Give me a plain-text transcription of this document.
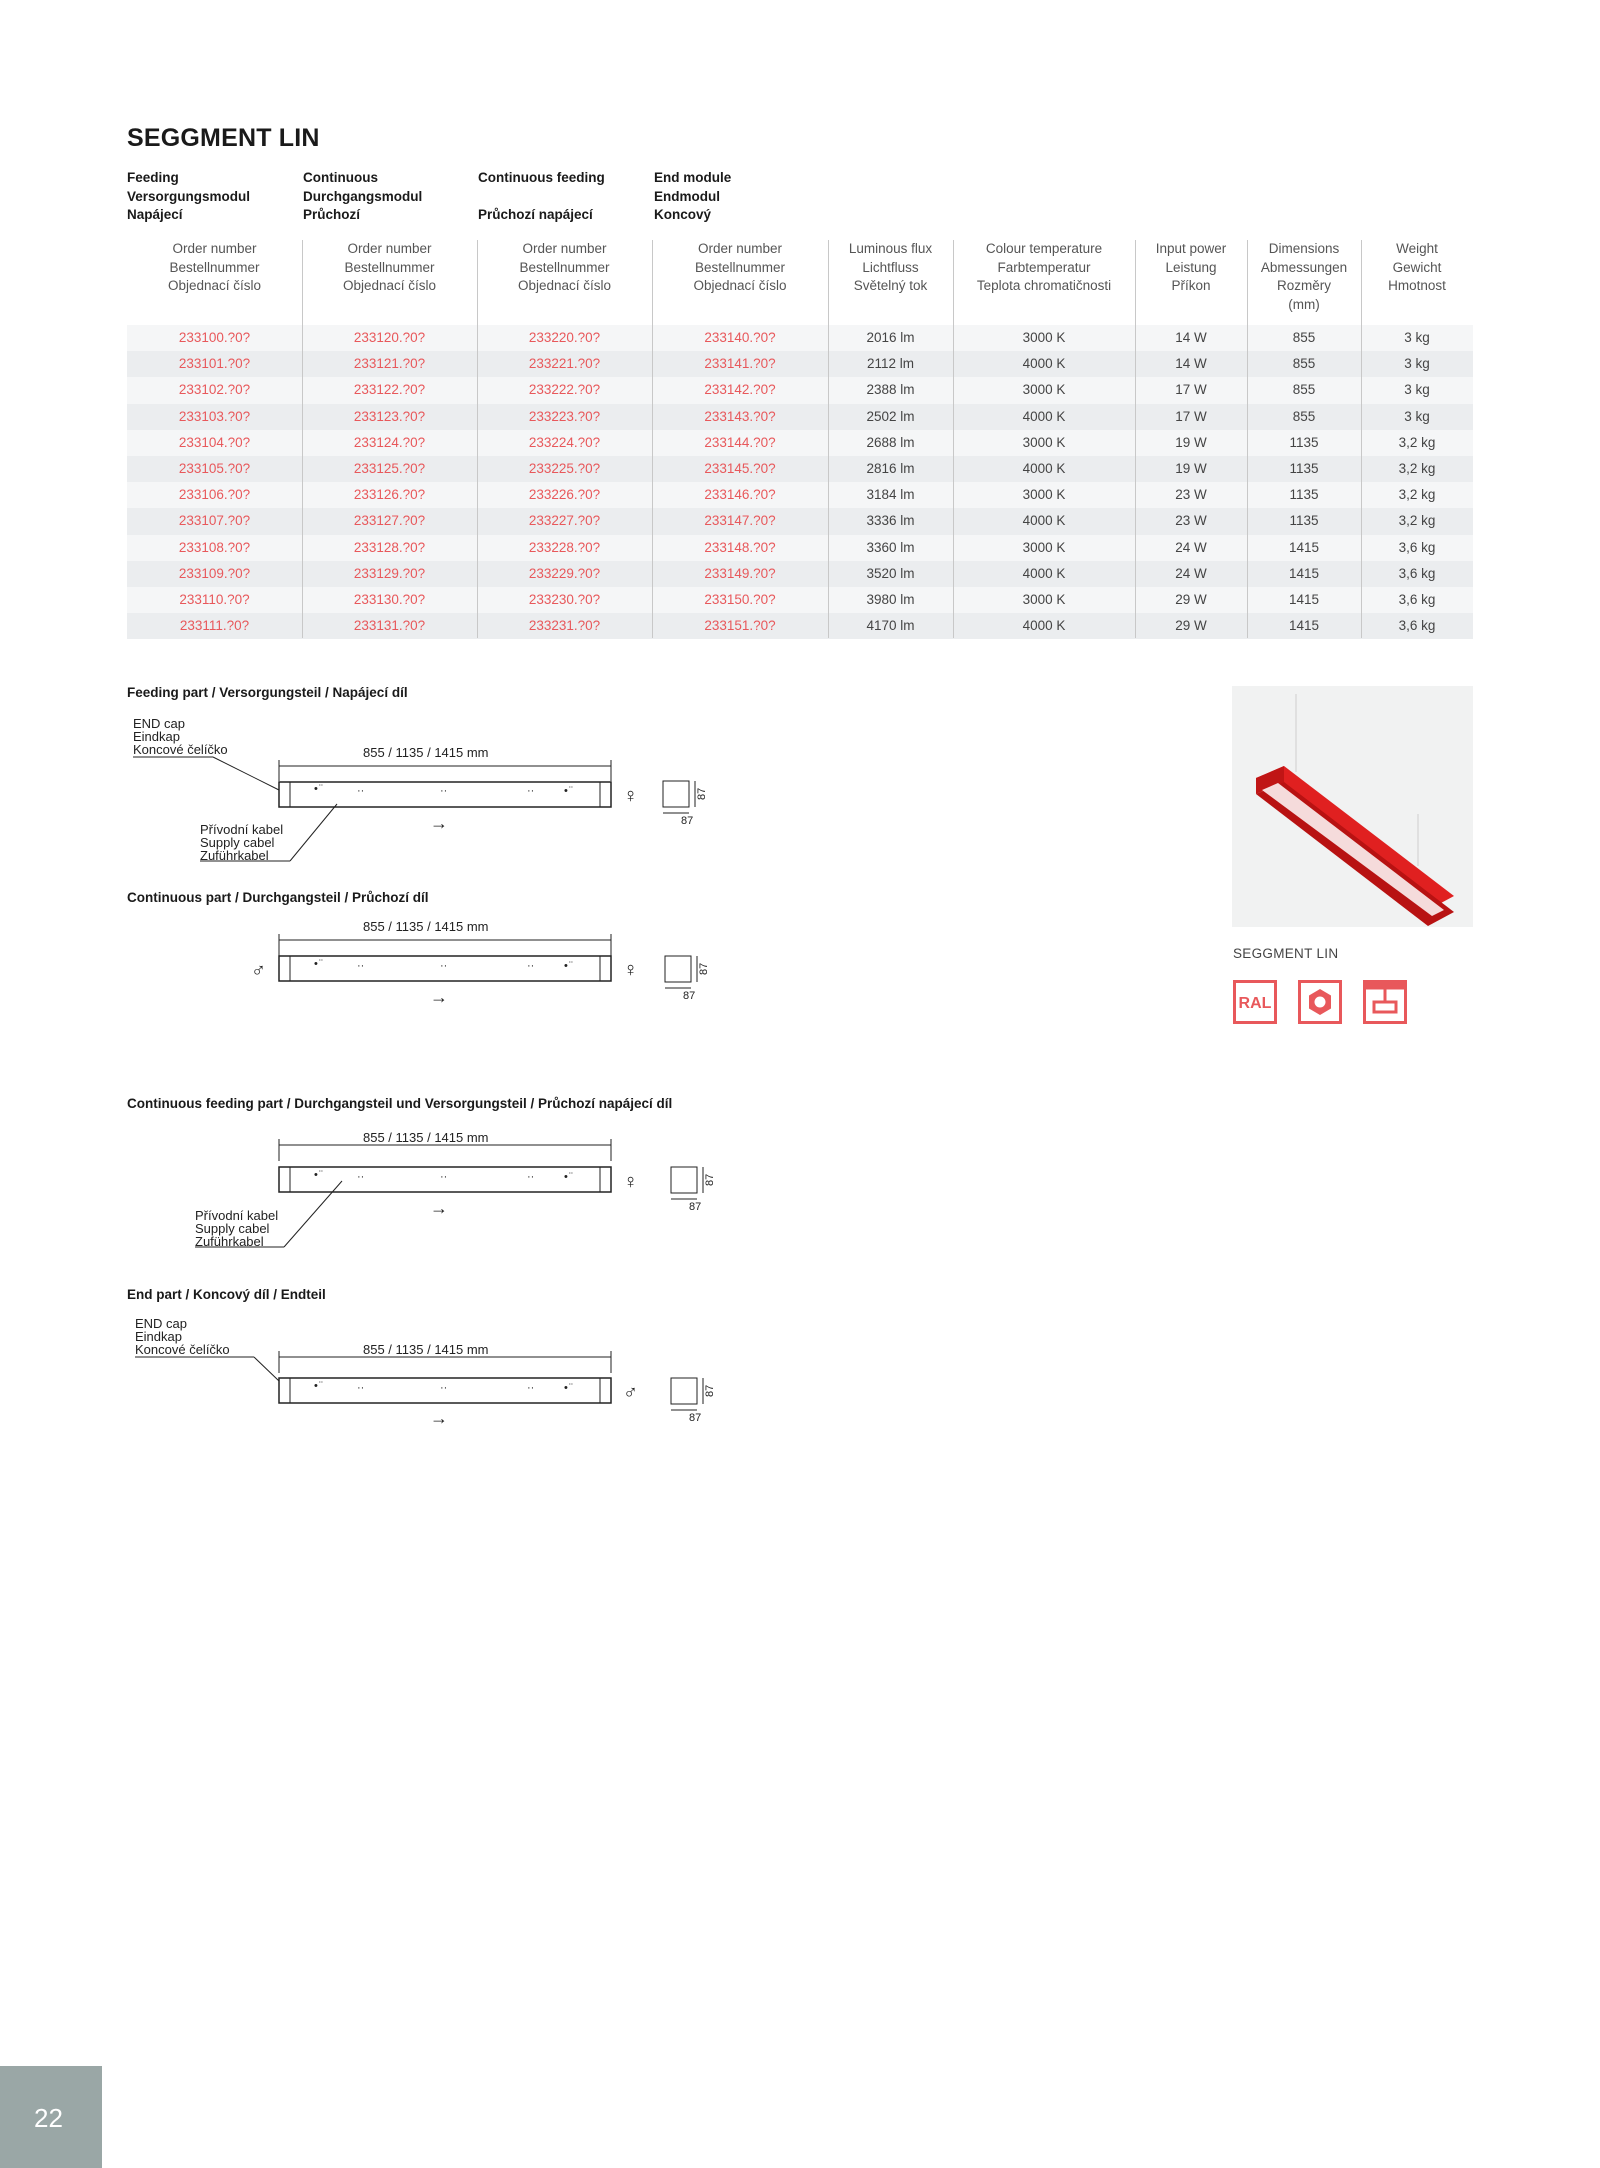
SEGGMENT LIN
Feeding
Versorgungsmodul
Napájecí
Continuous
Durchgangsmodul
Průchozí
Continuous feeding
Průchozí napájecí
End module
Endmodul
Koncový
Order number
Bestellnummer
Objednací číslo
Order number
Bestellnummer
Objednací číslo
Order number
Bestellnummer
Objednací číslo
Order number
Bestellnummer
Objednací číslo
Luminous flux
Lichtfluss
Světelný tok
Colour temperature
Farbtemperatur
Teplota chromatičnosti
Input power
Leistung
Příkon
Dimensions
Abmessungen
Rozměry
(mm)
Weight
Gewicht
Hmotnost
233100.?0?	233120.?0?	233220.?0?	233140.?0?	2016 lm	3000 K	14 W	855	3 kg
233101.?0?	233121.?0?	233221.?0?	233141.?0?	2112 lm	4000 K	14 W	855	3 kg
233102.?0?	233122.?0?	233222.?0?	233142.?0?	2388 lm	3000 K	17 W	855	3 kg
233103.?0?	233123.?0?	233223.?0?	233143.?0?	2502 lm	4000 K	17 W	855	3 kg
233104.?0?	233124.?0?	233224.?0?	233144.?0?	2688 lm	3000 K	19 W	1135	3,2 kg
233105.?0?	233125.?0?	233225.?0?	233145.?0?	2816 lm	4000 K	19 W	1135	3,2 kg
233106.?0?	233126.?0?	233226.?0?	233146.?0?	3184 lm	3000 K	23 W	1135	3,2 kg
233107.?0?	233127.?0?	233227.?0?	233147.?0?	3336 lm	4000 K	23 W	1135	3,2 kg
233108.?0?	233128.?0?	233228.?0?	233148.?0?	3360 lm	3000 K	24 W	1415	3,6 kg
233109.?0?	233129.?0?	233229.?0?	233149.?0?	3520 lm	4000 K	24 W	1415	3,6 kg
233110.?0?	233130.?0?	233230.?0?	233150.?0?	3980 lm	3000 K	29 W	1415	3,6 kg
233111.?0?	233131.?0?	233231.?0?	233151.?0?	4170 lm	4000 K	29 W	1415	3,6 kg
Feeding part / Versorgungsteil / Napájecí díl
END cap
Eindkap
Koncové čelíčko
Přívodní kabel
Supply cabel
Zuführkabel
855 / 1135 / 1415 mm
• ̈	··	··	··	• ̈
87
87
♀
→
Continuous part / Durchgangsteil / Průchozí díl
855 / 1135 / 1415 mm
• ̈	··	··	··	• ̈
87
87
♂	♀
→
Continuous feeding part / Durchgangsteil und Versorgungsteil / Průchozí napájecí díl
855 / 1135 / 1415 mm
Přívodní kabel
Supply cabel
Zuführkabel
• ̈	··	··	··	• ̈
87
87
♀
→
End part / Koncový díl / Endteil
END cap
Eindkap
Koncové čelíčko	855 / 1135 / 1415 mm
• ̈	··	··	··	• ̈
87
87
♂
→
SEGGMENT LIN
RAL
22
